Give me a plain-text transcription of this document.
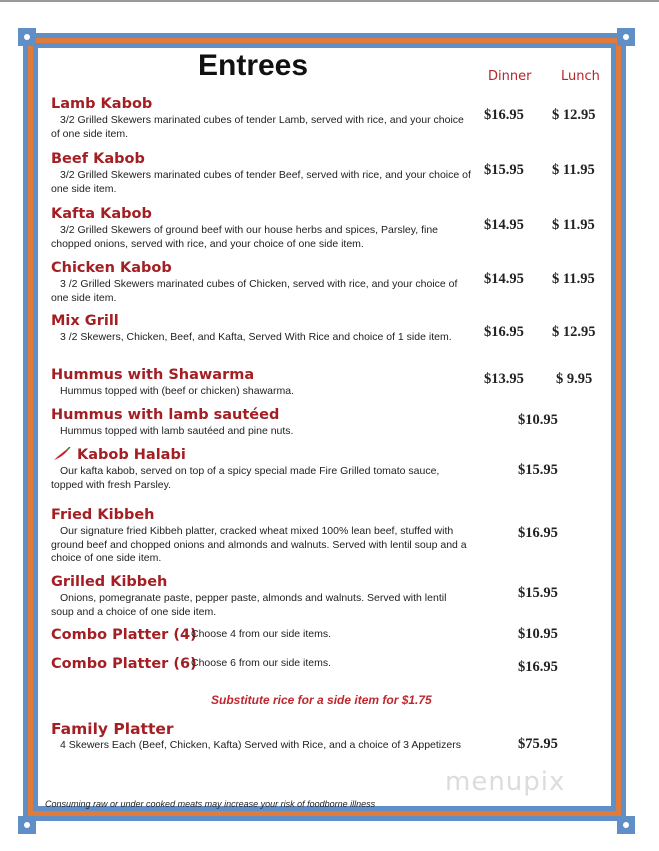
Entrees	Dinner Lunch
Lamb Kabob
3/2 Grilled Skewers marinated cubes of tender Lamb, served with rice, and your choice of one side item.
$16.95 $ 12.95
Beef Kabob
3/2 Grilled Skewers marinated cubes of tender Beef, served with rice, and your choice of one side item.
$15.95 $ 11.95
Kafta Kabob
3/2 Grilled Skewers of ground beef with our house herbs and spices, Parsley, fine chopped onions, served with rice, and your choice of one side item.
$14.95 $ 11.95
Chicken Kabob
3 /2 Grilled Skewers marinated cubes of Chicken, served with rice, and your choice of one side item.
$14.95 $ 11.95
Mix Grill
3 /2 Skewers, Chicken, Beef, and Kafta, Served With Rice and choice of 1 side item.	$16.95 $ 12.95
Hummus with Shawarma
Hummus topped with (beef or chicken) shawarma.
$13.95 $ 9.95
Hummus with lamb sautéed
Hummus topped with lamb sautéed and pine nuts.
$10.95
Kabob Halabi
Our kafta kabob, served on top of a spicy special made Fire Grilled tomato sauce, topped with fresh Parsley.
$15.95
Fried Kibbeh
Our signature fried Kibbeh platter, cracked wheat mixed 100% lean beef, stuffed with ground beef and chopped onions and almonds and walnuts. Served with lentil soup and a choice of one side item.
$16.95
Grilled Kibbeh
Onions, pomegranate paste, pepper paste, almonds and walnuts. Served with lentil soup and a choice of one side item.
$15.95
Combo Platter (4)
Choose 4 from our side items.	$10.95
Combo Platter (6)
Choose 6 from our side items.	$16.95
Substitute rice for a side item for $1.75
Family Platter
4 Skewers Each (Beef, Chicken, Kafta) Served with Rice, and a choice of 3 Appetizers	$75.95
menupix
Consuming raw or under cooked meats may increase your risk of foodborne illness
